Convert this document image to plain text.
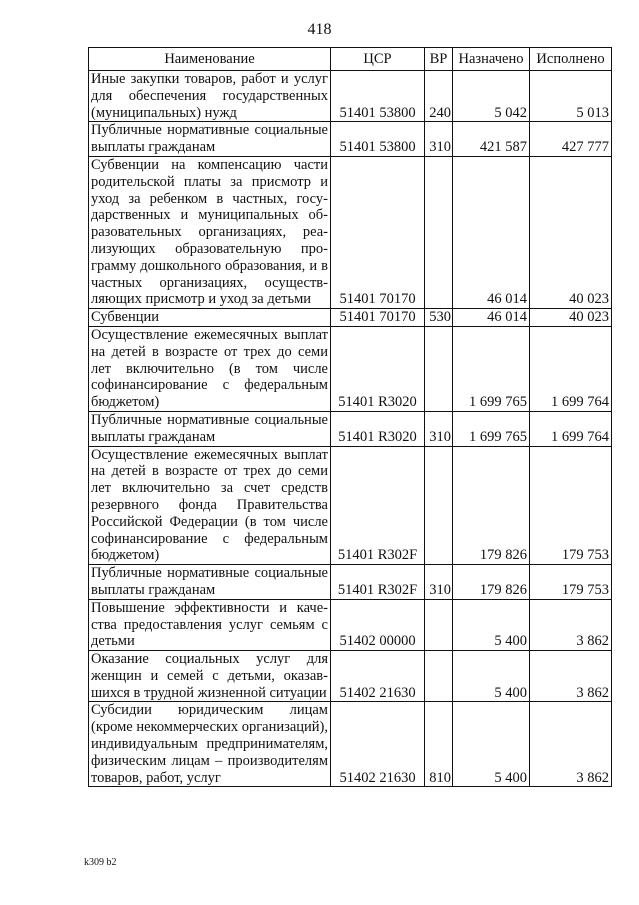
418
Наименование	ЦСР	ВР	Назначено	Исполнено
Иные закупки товаров, работ и услуг для обеспечения государственных (муниципальных) нужд	51401 53800	240	5 042	5 013
Публичные нормативные социальные выплаты гражданам	51401 53800	310	421 587	427 777
Субвенции на компенсацию части родительской платы за присмотр и уход за ребенком в частных, государственных и муниципальных образовательных организациях, реализующих образовательную программу дошкольного образования, и в частных организациях, осуществляющих присмотр и уход за детьми	51401 70170		46 014	40 023
Субвенции	51401 70170	530	46 014	40 023
Осуществление ежемесячных выплат на детей в возрасте от трех до семи лет включительно (в том числе софинансирование с федеральным бюджетом)	51401 R3020		1 699 765	1 699 764
Публичные нормативные социальные выплаты гражданам	51401 R3020	310	1 699 765	1 699 764
Осуществление ежемесячных выплат на детей в возрасте от трех до семи лет включительно за счет средств резервного фонда Правительства Российской Федерации (в том числе софинансирование с федеральным бюджетом)	51401 R302F		179 826	179 753
Публичные нормативные социальные выплаты гражданам	51401 R302F	310	179 826	179 753
Повышение эффективности и качества предоставления услуг семьям с детьми	51402 00000		5 400	3 862
Оказание социальных услуг для женщин и семей с детьми, оказавшихся в трудной жизненной ситуации	51402 21630		5 400	3 862
Субсидии юридическим лицам (кроме некоммерческих организаций), индивидуальным предпринимателям, физическим лицам – производителям товаров, работ, услуг	51402 21630	810	5 400	3 862
k309 b2
